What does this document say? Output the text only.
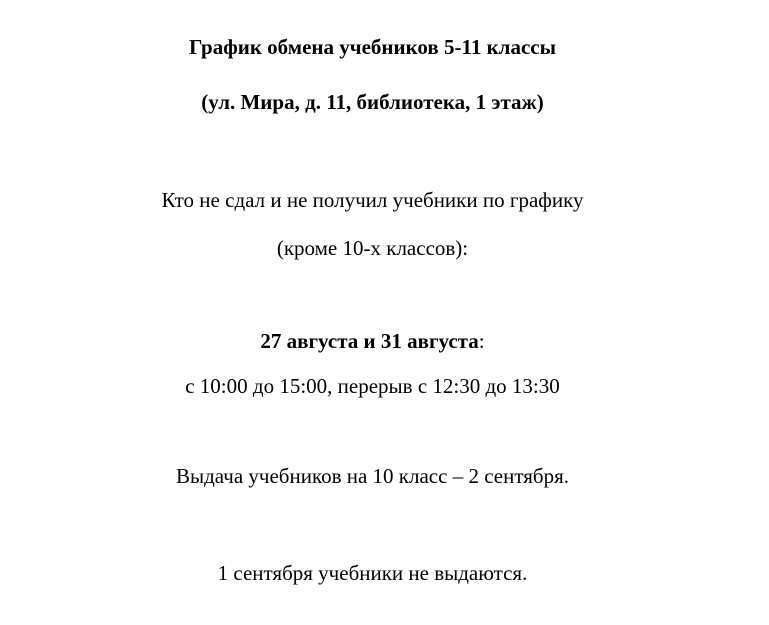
График обмена учебников 5-11 классы
(ул. Мира, д. 11, библиотека, 1 этаж)
Кто не сдал и не получил учебники по графику
(кроме 10-х классов):
27 августа и 31 августа:
с 10:00 до 15:00, перерыв с 12:30 до 13:30
Выдача учебников на 10 класс – 2 сентября.
1 сентября учебники не выдаются.
